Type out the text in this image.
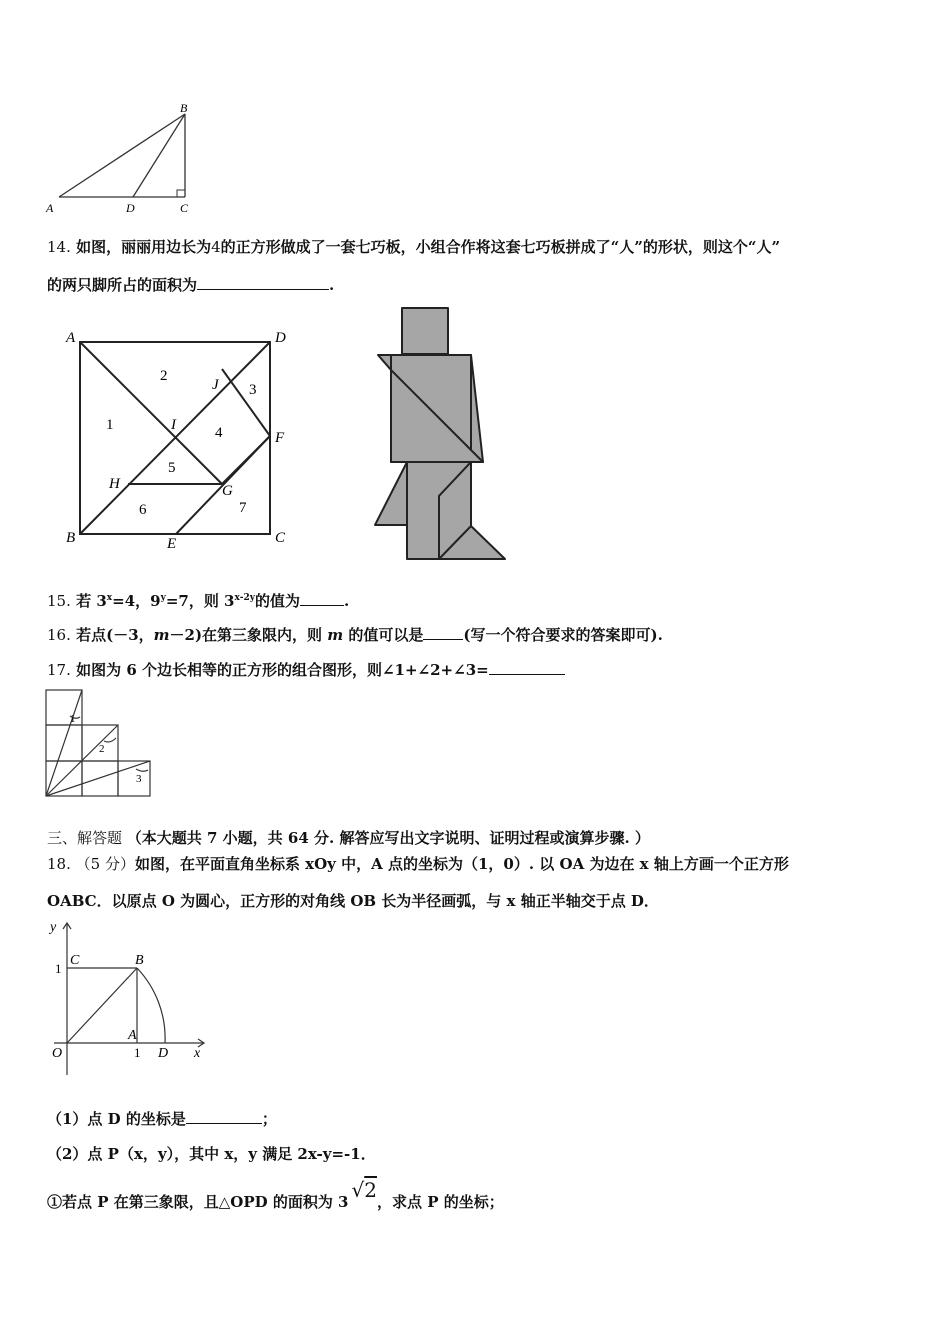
B
A	D	C
14. 如图，丽丽用边长为4的正方形做成了一套七巧板，小组合作将这套七巧板拼成了“人”的形状，则这个“人”
的两只脚所占的面积为	.
A	D
B	C
J
F
I
H	G
E
1
2
3
4
5
6	7
15. 若 $3^x=4$，$9^y=7$，则 $3^{x-2y}$的值为	.
16. 若点(－3，m－2)在第三象限内，则 m 的值可以是	(写一个符合要求的答案即可).
17. 如图为 6 个边长相等的正方形的组合图形，则∠1+∠2+∠3=
1
2
3
三、解答题 （本大题共 7 小题，共 64 分. 解答应写出文字说明、证明过程或演算步骤. ）
18. （5 分）如图，在平面直角坐标系 xOy 中，A 点的坐标为（1，0）. 以 OA 为边在 x 轴上方画一个正方形
OABC．以原点 O 为圆心，正方形的对角线 OB 长为半径画弧，与 x 轴正半轴交于点 D．
y
x
1
1
C	B
A
O	D
（1）点 D 的坐标是	；
（2）点 P（x，y），其中 x，y 满足 2x-y=-1．
①若点 P 在第三象限，且△OPD 的面积为 3 √2，求点 P 的坐标；
